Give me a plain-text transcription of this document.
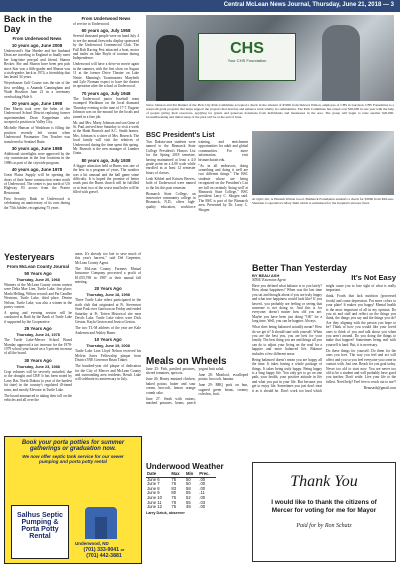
Central McLean News Journal, Thursday, June 21, 2018 — 3
Back in the Day
From Underwood News
10 years ago, June 2008

Underwood's Star Hardee and her husband Dean are traveling to England to finally meet her long-time pen-pal and friend, Sharon Becker. She and Sharon have been pen pals since Star was a fifth-grader and Sharon was a sixth-grader, back in 1974, a friendship that has lasted 34 years.

Weyerhauser Golf Course was the site of the first wedding, a Amanda Cunningham and Wade Hoselton June 21 in a ceremony overlooking Hole 6.

20 years ago, June 1998

Dan Martin took over the helm of the Underwood School District replacing former superintendent Dean Koppelman who accepted a position in Valley City.

Michelle Hanson of Washburn is filling the position recently left vacant when Underwood Postmaster Tim Teucher was transferred to Sentinel Butte.

30 years ago, June 1988

Additional streetlights were approved by the city commission in the four locations in the 1980s as part of the citywide program.

40 years ago, June 1978

Great Plains Supply will be opening the doors of their home construction center north of Underwood. The center is just north of US Highway 83 across from the Prairie Restaurant.

First Security Bank in Underwood is celebrating an anniversary of its own during the 75th Jubilee, recognizing 75 years

From Underwood News

of service to Underwood.

60 years ago, July 1958

Several thousand people were on hand July 4 to see the annual fireworks display sponsored by the Underwood Commercial Club. The Fall Raft Racing Fest attracted a boat, motor and trailer on lake Boyle of tourism during Independence.

Underwood will have a drive-in movie again in the summer, with the first show on August 11 at the former Drive Theater on Lake Nettie. Manning's Toastmasters Marybeth and Lyle Norman expect to have the theater in operation after the school at Underwood.

70 years ago, July 1948

The Underwood junior baseball team swamped Washburn on the local diamond Thursday evening to the tune of 17-7. Eugene Johnson was on the mound for the locals and turned in a fine job.

Mr. and Mrs. Marty Johnson and son Gene of St. Paul arrived here Saturday to visit a week at the Hank Bruesch and A.C. Smith homes. Mrs. Johnson is a sister of Mrs. Bruesch. The local family will visit the relatives of Underwood during the time spent this spring. Mr. Bruesch is the new manager of Lumber Grain.

80 years ago, July 1938

A bigger attraction held at Burns was one of the best in a program of years. The weather was a bit unusual and the ball game some difficulty. It is hoped the promise of better roads past the Burns church will be fulfilled or at least two of the worst mud holes will be filled with gravel.

CHS
Your CHS Foundation

Steve Johnson and Pat Dunkel of the Pick City Park Committee accepted a check in the amount of $5000 from Delores Wilson, employee of CHS in Garrison. CHS Foundation is a nonprofit grant program that helps support the projects that develop and enhance rural vitality in communities. The Park Committee has raised over $95,000 in one year with the help of people giving their resources, applying for grants and generous donations from individuals and businesses in the area. The group will begin to raise another $20,000. Groundbreaking and initial setup of the park will be at the end of June.

At right: Ort, is Hannah Walton Good, Bismarck Foundation student's a check for $3000 from McLean-Sheridan Cooperative's Mary Dahl which is earmarked for the hospital's elevator fund.

BSC President's List

Two Dakota-area students were named to the Bismarck State College President's Honors List for the Spring 2018 semester, having maintained at least a 4.0 grade point on a 4.00 scale while enrolled in at least 12 semester hours of classes.

Leah Kibbel and Kristen Beeves, both of Underwood were named to the list this past semester.

Bismarck State College, an innovative community college in Bismarck, N.D., offers high-quality education, workforce training, and enrichment opportunities for adult and global communities. For more information, visit bismarckstate.edu.

"As in all endeavors, doing something and doing it well are two different things." The BSC students whose are being recognized on the President's List are full on certainly 'doing well' at Bismarck State College," BSC president Larry C. Skogen said. The BSC is part of the Bismarck area. Presented by Dr. Larry C. Skogen.

Better Than Yesterday
BY BEAU ASH
NDSU Extension Agent	It's Not Easy

Have you defined what balance is to you lately? How about happiness? When was the last time you sat and thought about if you are truly happy and what true happiness would look like? If you haven't, you probably are feeling or seeing that someone is not doing so. And this is for everyone; doesn't matter how old you are. Maybe you have been just doing "OK" for a long time. Well, you can be happier. Always.

What does being balanced actually mean? How do we get it? It should start with yourself. When you are the best you, you are best for your family. The best thing you are and things all you can do to adjust your living on the road for a happier and more balanced life. Balance includes a few different areas.

Being balanced doesn't mean you are happy all the time. It takes having a whole package of things. It takes being truly happy. Being happy is a long happy life. You only get to go on one path, your health, your positive attitude in life and what you put in your life. But because you get to enjoy life. Sometimes you just don't treat it as it should be. Don't work too hard which might cause you to lose sight of what is really important.

think. Foods that lack nutrition (processed foods) and cause depression. Put more colors to your plate! It makes you happy! Mental health is the most important of all in my opinion. Do you sit and stall and reflect on the things you think, the things you say and the things you do? Are they aligning with the person you hope to be? Think of how you would like your loved ones to think of you and talk about you when you aren't around. Do you doing the things to make that happen? Sometimes being real with yourself is hard. But, it is necessary.

Do these things for yourself. Do them for the ones you love. The way you feel and act will affect and you so you feel everyone you come in contact with. Just one. Reach for you goal today. Never too old to start now. You are never too old to be a student and will probably have good you teacher. Don't settle. Live your life to the fullest. Need help? Feel free to reach out to me!!

Beausash@gmail.com

Yesteryears
From McLean County Journal
50 Years Ago
Thursday, June 20, 1968

Winners of the McLean County cream contest were Delia Mae Lien, Turtle Lake; first place; Marla Helling, Wilton second; and Pat Candlee Westrom, Turtle Lake, third place. Denise Nelson, Turtle Lake, was also a winner in the poetry contest.

A spring and evening session will be conducted at Ruth by the Bank of Turtle Lake if supported by the Cooperative.

25 Years Ago
Thursday, June 24, 1978

The Turtle Lake-Mercer School Board Monday approved a tax increase for the 1978-1979 school year based on a 5 percent increase of all the board.

30 Years Ago
Thursday, June 23, 1988

Crop volumes will be severely curtailed, due to the drought and CRP. It has been noted by Larry Bat, North Dakota (a year of the hardest hit state) in the country's regulated ill-timed rains, and mostly Elevator in Turtle Lake.

The board announced to taking their toll on the vehicles and all over the

areas. It's already too late to save much of this year's harvest," said Del Carpenter, McLean County Agent.

The McLean County Farmers Mutual Insurance Company processed a profit of $1,055,769 in 1987 at their annual fall meeting.

20 Years Ago
Thursday, June 18, 1998

Three Turtle Lake riders participated in the sixth club that originated at Ft. Stevenson State Park over Garrison on Friday and ended Saturday at Ft. Totten Historical site near Devils Lake. Turtle Lake riders were Dick Geston, Kayla Geston and Jessica Geston.

The two TL-M athletes of the year are Kale Andersen and Ashley Bauer.

10 Years Ago
Thursday, June 19, 2008

Turtle Lake Lion Lloyd Nelson received his Melvin Jones Fellowship plaque from District 5NE Governor Brian Tinker.

The hundred-year old plaque of dedication for the City of Mercer and McLean County and surrounding area residents. Result Lake will celebrate its anniversary in July.

Book your porta potties for summer gatherings or graduation now.
We now offer septic tank service for our sewer pumping and porta potty rental
Salhus Septic Pumping & Porta Potty Rental
Underwood, ND
(701) 333-9041 or
(701) 442-3881
Meals on Wheels

June 25: Fish, parslied potatoes, stirred tomatoes, apricots.

June 26: Honey mustard chicken, baked potato, butter and sour cream, broccoli, lemon orange crumb cake.

June 27: Steak with onions, mashed potatoes, beans, peach yogurt fruit salad.

June 28: Meatloaf, escalloped potato, broccoli, banana.

June 29: BBQ pork on bun, sugared green beans, creamy coleslaw, fruit.

Underwood Weather
Date	Max	Min	Prec.
June 6	75	50	.00
June 7	76	50	.00
June 8	83	58	.00
June 9	80	55	.11
June 10	75	52	.00
June 11	78	55	.03
June 12	75	48	.00
Larry Dziuk, observer
Thank You
I would like to thank the citizens of Mercer for voting for me for Mayor
Paid for by Ron Schatz
